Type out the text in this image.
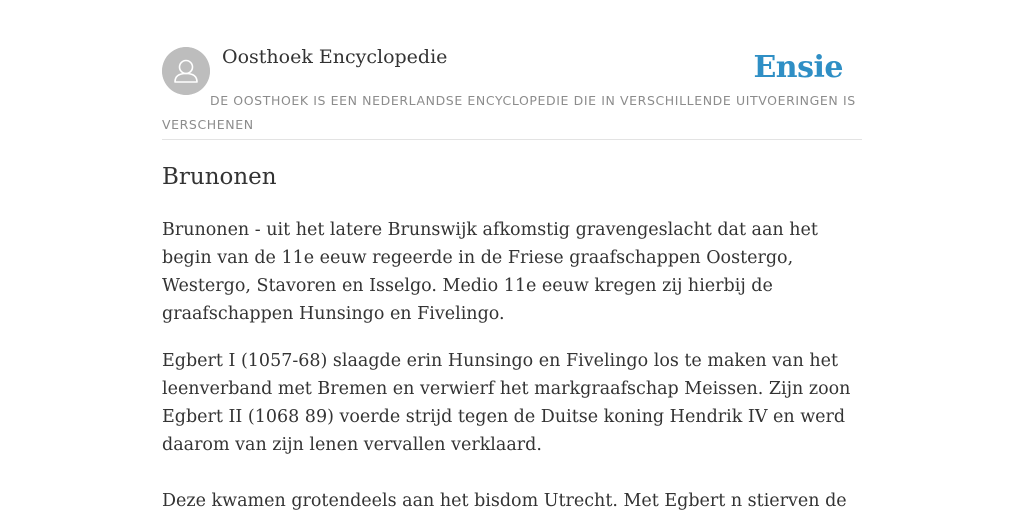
Oosthoek Encyclopedie	Ensie
DE OOSTHOEK IS EEN NEDERLANDSE ENCYCLOPEDIE DIE IN VERSCHILLENDE UITVOERINGEN IS VERSCHENEN
Brunonen

Brunonen - uit het latere Brunswijk afkomstig gravengeslacht dat aan het begin van de 11e eeuw regeerde in de Friese graafschappen Oostergo, Westergo, Stavoren en Isselgo. Medio 11e eeuw kregen zij hierbij de graafschappen Hunsingo en Fivelingo.

Egbert I (1057-68) slaagde erin Hunsingo en Fivelingo los te maken van het leenverband met Bremen en verwierf het markgraafschap Meissen. Zijn zoon Egbert II (1068 89) voerde strijd tegen de Duitse koning Hendrik IV en werd daarom van zijn lenen vervallen verklaard.

Deze kwamen grotendeels aan het bisdom Utrecht. Met Egbert n stierven de
